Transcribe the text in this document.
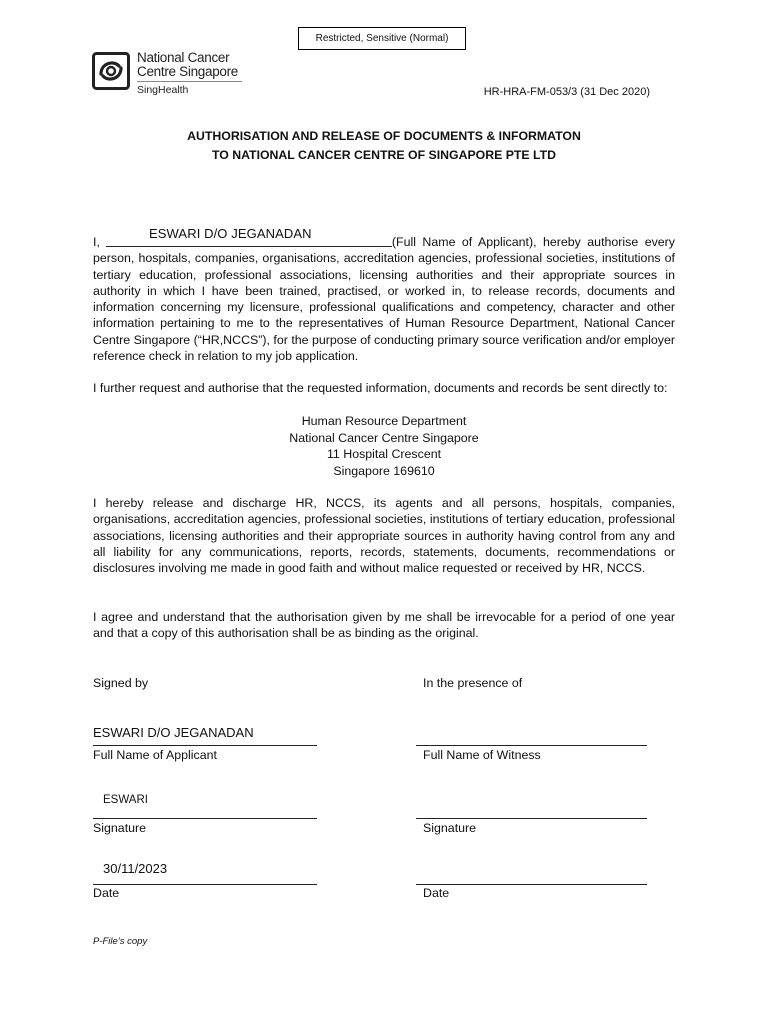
Restricted, Sensitive (Normal)
National Cancer
Centre Singapore
SingHealth	HR-HRA-FM-053/3 (31 Dec 2020)
AUTHORISATION AND RELEASE OF DOCUMENTS & INFORMATON
TO NATIONAL CANCER CENTRE OF SINGAPORE PTE LTD
ESWARI D/O JEGANADAN
I,	(Full Name of Applicant), hereby authorise every
person, hospitals, companies, organisations, accreditation agencies, professional societies, institutions of tertiary education, professional associations, licensing authorities and their appropriate sources in authority in which I have been trained, practised, or worked in, to release records, documents and information concerning my licensure, professional qualifications and competency, character and other information pertaining to me to the representatives of Human Resource Department, National Cancer Centre Singapore (“HR,NCCS”), for the purpose of conducting primary source verification and/or employer reference check in relation to my job application.
I further request and authorise that the requested information, documents and records be sent directly to:
Human Resource Department
National Cancer Centre Singapore
11 Hospital Crescent
Singapore 169610
I hereby release and discharge HR, NCCS, its agents and all persons, hospitals, companies, organisations, accreditation agencies, professional societies, institutions of tertiary education, professional associations, licensing authorities and their appropriate sources in authority having control from any and all liability for any communications, reports, records, statements, documents, recommendations or disclosures involving me made in good faith and without malice requested or received by HR, NCCS.
I agree and understand that the authorisation given by me shall be irrevocable for a period of one year and that a copy of this authorisation shall be as binding as the original.
Signed by	In the presence of
ESWARI D/O JEGANADAN
Full Name of Applicant	Full Name of Witness
ESWARI
Signature	Signature
30/11/2023
Date	Date
P-File’s copy
